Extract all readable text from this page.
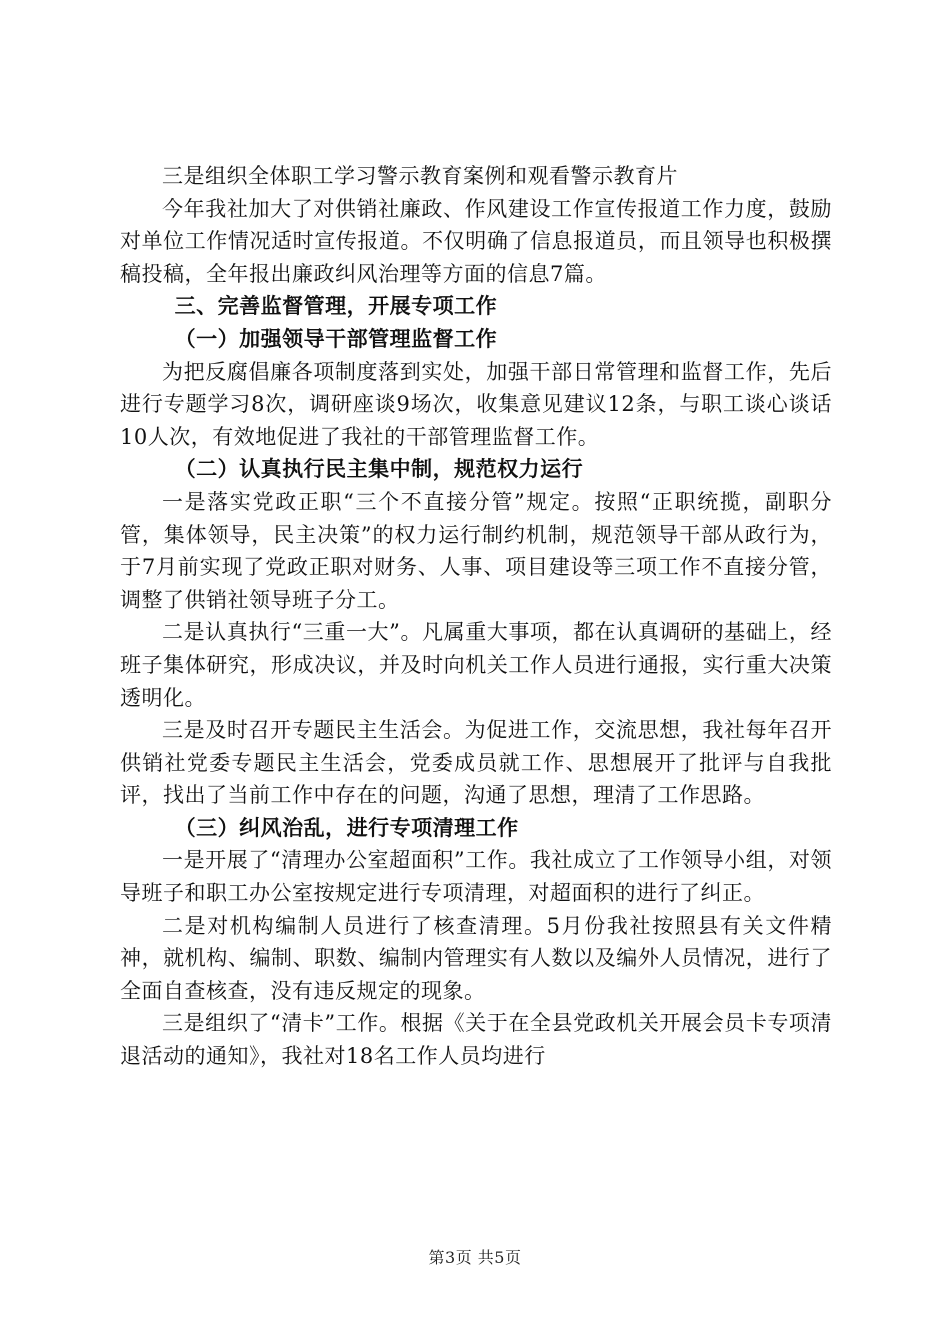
三是组织全体职工学习警示教育案例和观看警示教育片

今年我社加大了对供销社廉政、作风建设工作宣传报道工作力度，鼓励对单位工作情况适时宣传报道。不仅明确了信息报道员，而且领导也积极撰稿投稿，全年报出廉政纠风治理等方面的信息7篇。

三、完善监督管理，开展专项工作

（一）加强领导干部管理监督工作

为把反腐倡廉各项制度落到实处，加强干部日常管理和监督工作，先后进行专题学习8次，调研座谈9场次，收集意见建议12条，与职工谈心谈话10人次，有效地促进了我社的干部管理监督工作。

（二）认真执行民主集中制，规范权力运行

一是落实党政正职“三个不直接分管”规定。按照“正职统揽，副职分管，集体领导，民主决策”的权力运行制约机制，规范领导干部从政行为，于7月前实现了党政正职对财务、人事、项目建设等三项工作不直接分管，调整了供销社领导班子分工。

二是认真执行“三重一大”。凡属重大事项，都在认真调研的基础上，经班子集体研究，形成决议，并及时向机关工作人员进行通报，实行重大决策透明化。

三是及时召开专题民主生活会。为促进工作，交流思想，我社每年召开供销社党委专题民主生活会，党委成员就工作、思想展开了批评与自我批评，找出了当前工作中存在的问题，沟通了思想，理清了工作思路。

（三）纠风治乱，进行专项清理工作

一是开展了“清理办公室超面积”工作。我社成立了工作领导小组，对领导班子和职工办公室按规定进行专项清理，对超面积的进行了纠正。

二是对机构编制人员进行了核查清理。5月份我社按照县有关文件精神，就机构、编制、职数、编制内管理实有人数以及编外人员情况，进行了全面自查核查，没有违反规定的现象。

三是组织了“清卡”工作。根据《关于在全县党政机关开展会员卡专项清退活动的通知》，我社对18名工作人员均进行

第3页 共5页
